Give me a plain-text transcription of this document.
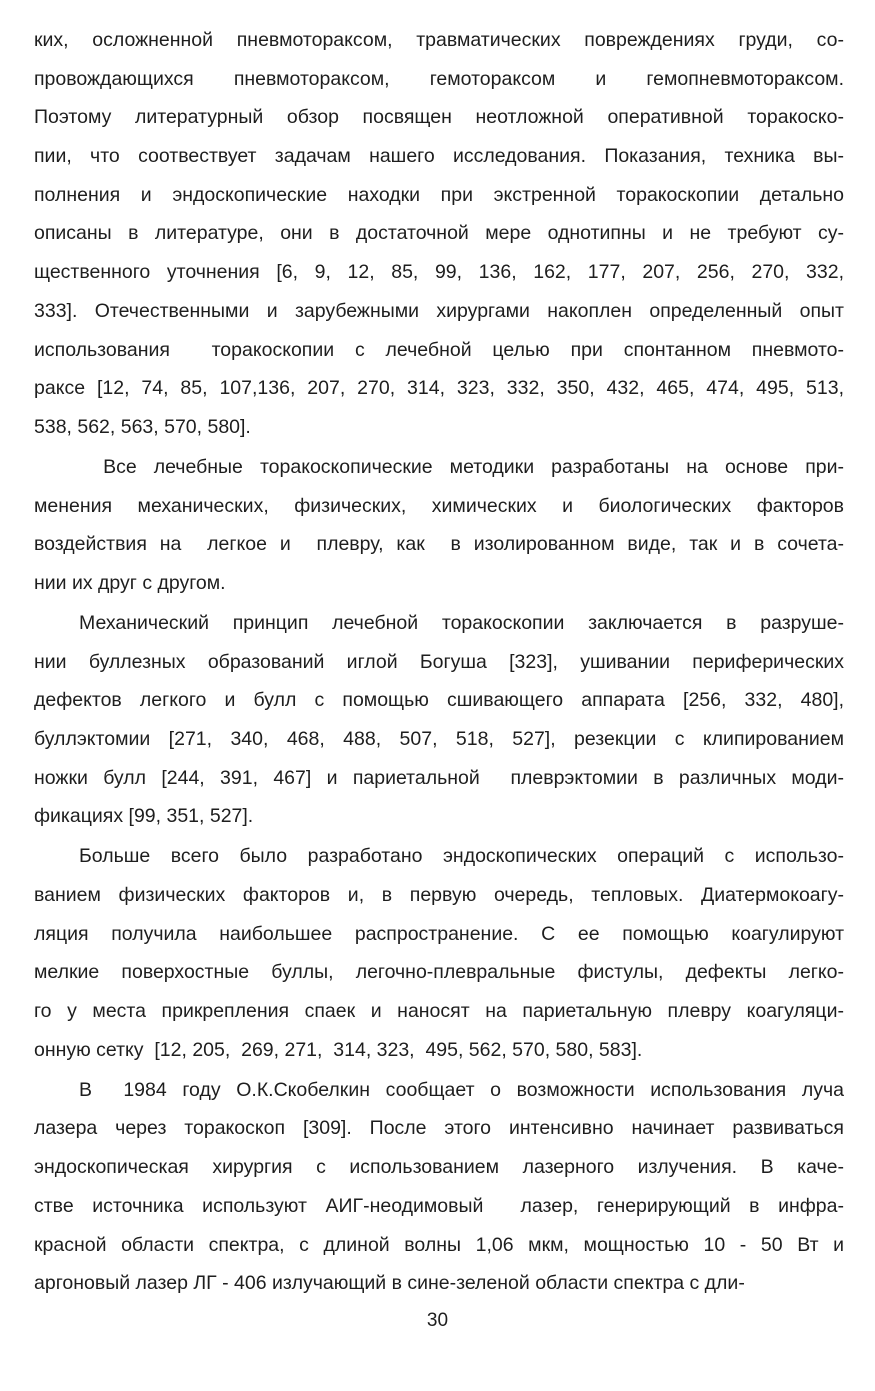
ких, осложненной пневмотораксом, травматических повреждениях груди, со-
провождающихся пневмотораксом, гемотораксом и гемопневмотораксом.
Поэтому литературный обзор посвящен неотложной оперативной торакоско-
пии, что соотвествует задачам нашего исследования. Показания, техника вы-
полнения и эндоскопические находки при экстренной торакоскопии детально
описаны в литературе, они в достаточной мере однотипны и не требуют су-
щественного уточнения [6, 9, 12, 85, 99, 136, 162, 177, 207, 256, 270, 332,
333]. Отечественными и зарубежными хирургами накоплен определенный опыт
использования  торакоскопии с лечебной целью при спонтанном пневмото-
раксе [12, 74, 85, 107,136, 207, 270, 314, 323, 332, 350, 432, 465, 474, 495, 513,
538, 562, 563, 570, 580].
Все лечебные торакоскопические методики разработаны на основе при-
менения механических, физических, химических и биологических факторов
воздействия на  легкое и  плевру, как  в изолированном виде, так и в сочета-
нии их друг с другом.
Механический принцип лечебной торакоскопии заключается в разруше-
нии буллезных образований иглой Богуша [323], ушивании периферических
дефектов легкого и булл с помощью сшивающего аппарата [256, 332, 480],
буллэктомии [271, 340, 468, 488, 507, 518, 527], резекции с клипированием
ножки булл [244, 391, 467] и париетальной  плеврэктомии в различных моди-
фикациях [99, 351, 527].
Больше всего было разработано эндоскопических операций с использо-
ванием физических факторов и, в первую очередь, тепловых. Диатермокоагу-
ляция получила наибольшее распространение. С ее помощью коагулируют
мелкие поверхостные буллы, легочно-плевральные фистулы, дефекты легко-
го у места прикрепления спаек и наносят на париетальную плевру коагуляци-
онную сетку  [12, 205,  269, 271,  314, 323,  495, 562, 570, 580, 583].
В  1984 году О.К.Скобелкин сообщает о возможности использования луча
лазера через торакоскоп [309]. После этого интенсивно начинает развиваться
эндоскопическая хирургия с использованием лазерного излучения. В каче-
стве источника используют АИГ-неодимовый  лазер, генерирующий в инфра-
красной области спектра, с длиной волны 1,06 мкм, мощностью 10 - 50 Вт и
аргоновый лазер ЛГ - 406 излучающий в сине-зеленой области спектра с дли-
30
